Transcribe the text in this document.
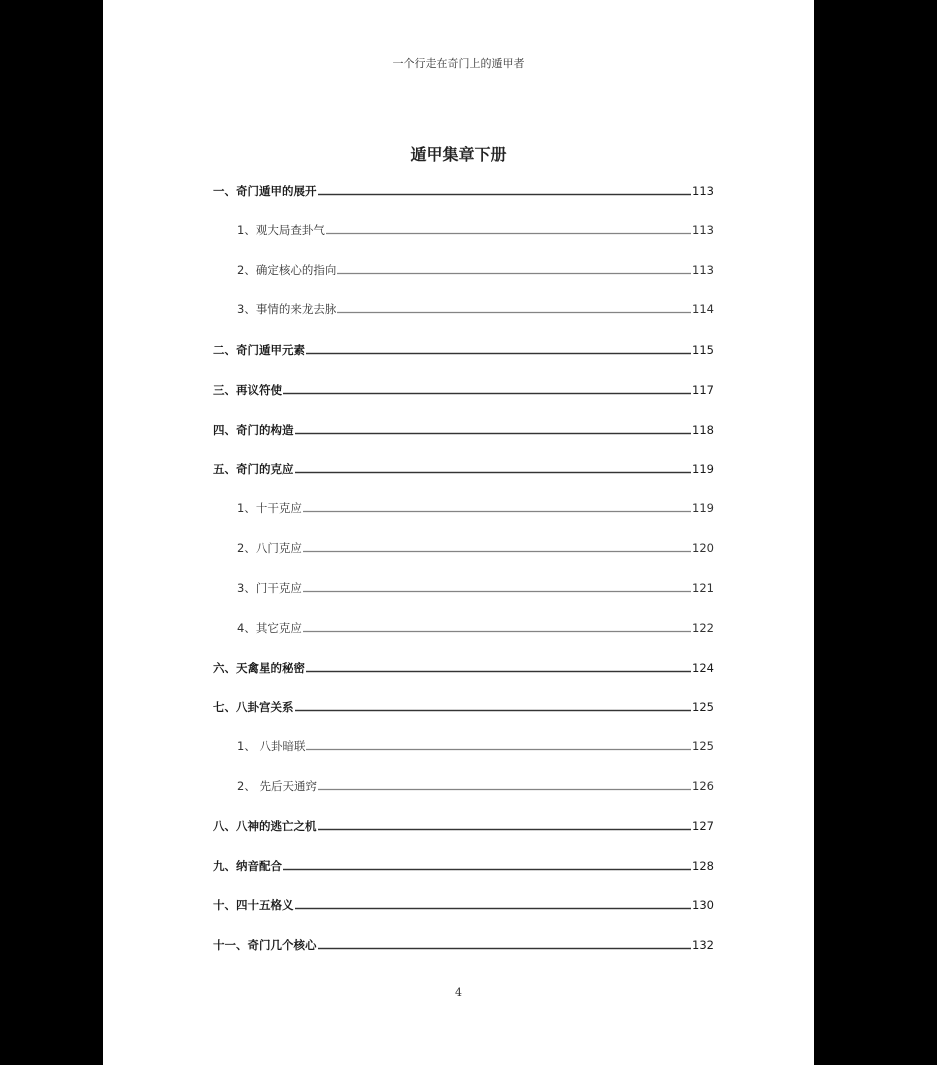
一个行走在奇门上的遁甲者
遁甲集章下册
一、奇门遁甲的展开	113
1、观大局查卦气	113
2、确定核心的指向	113
3、事情的来龙去脉	114
二、奇门遁甲元素	115
三、再议符使	117
四、奇门的构造	118
五、奇门的克应	119
1、十干克应	119
2、八门克应	120
3、门干克应	121
4、其它克应	122
六、天禽星的秘密	124
七、八卦宫关系	125
1、 八卦暗联	125
2、 先后天通窍	126
八、八神的逃亡之机	127
九、纳音配合	128
十、四十五格义	130
十一、奇门几个核心	132
4
